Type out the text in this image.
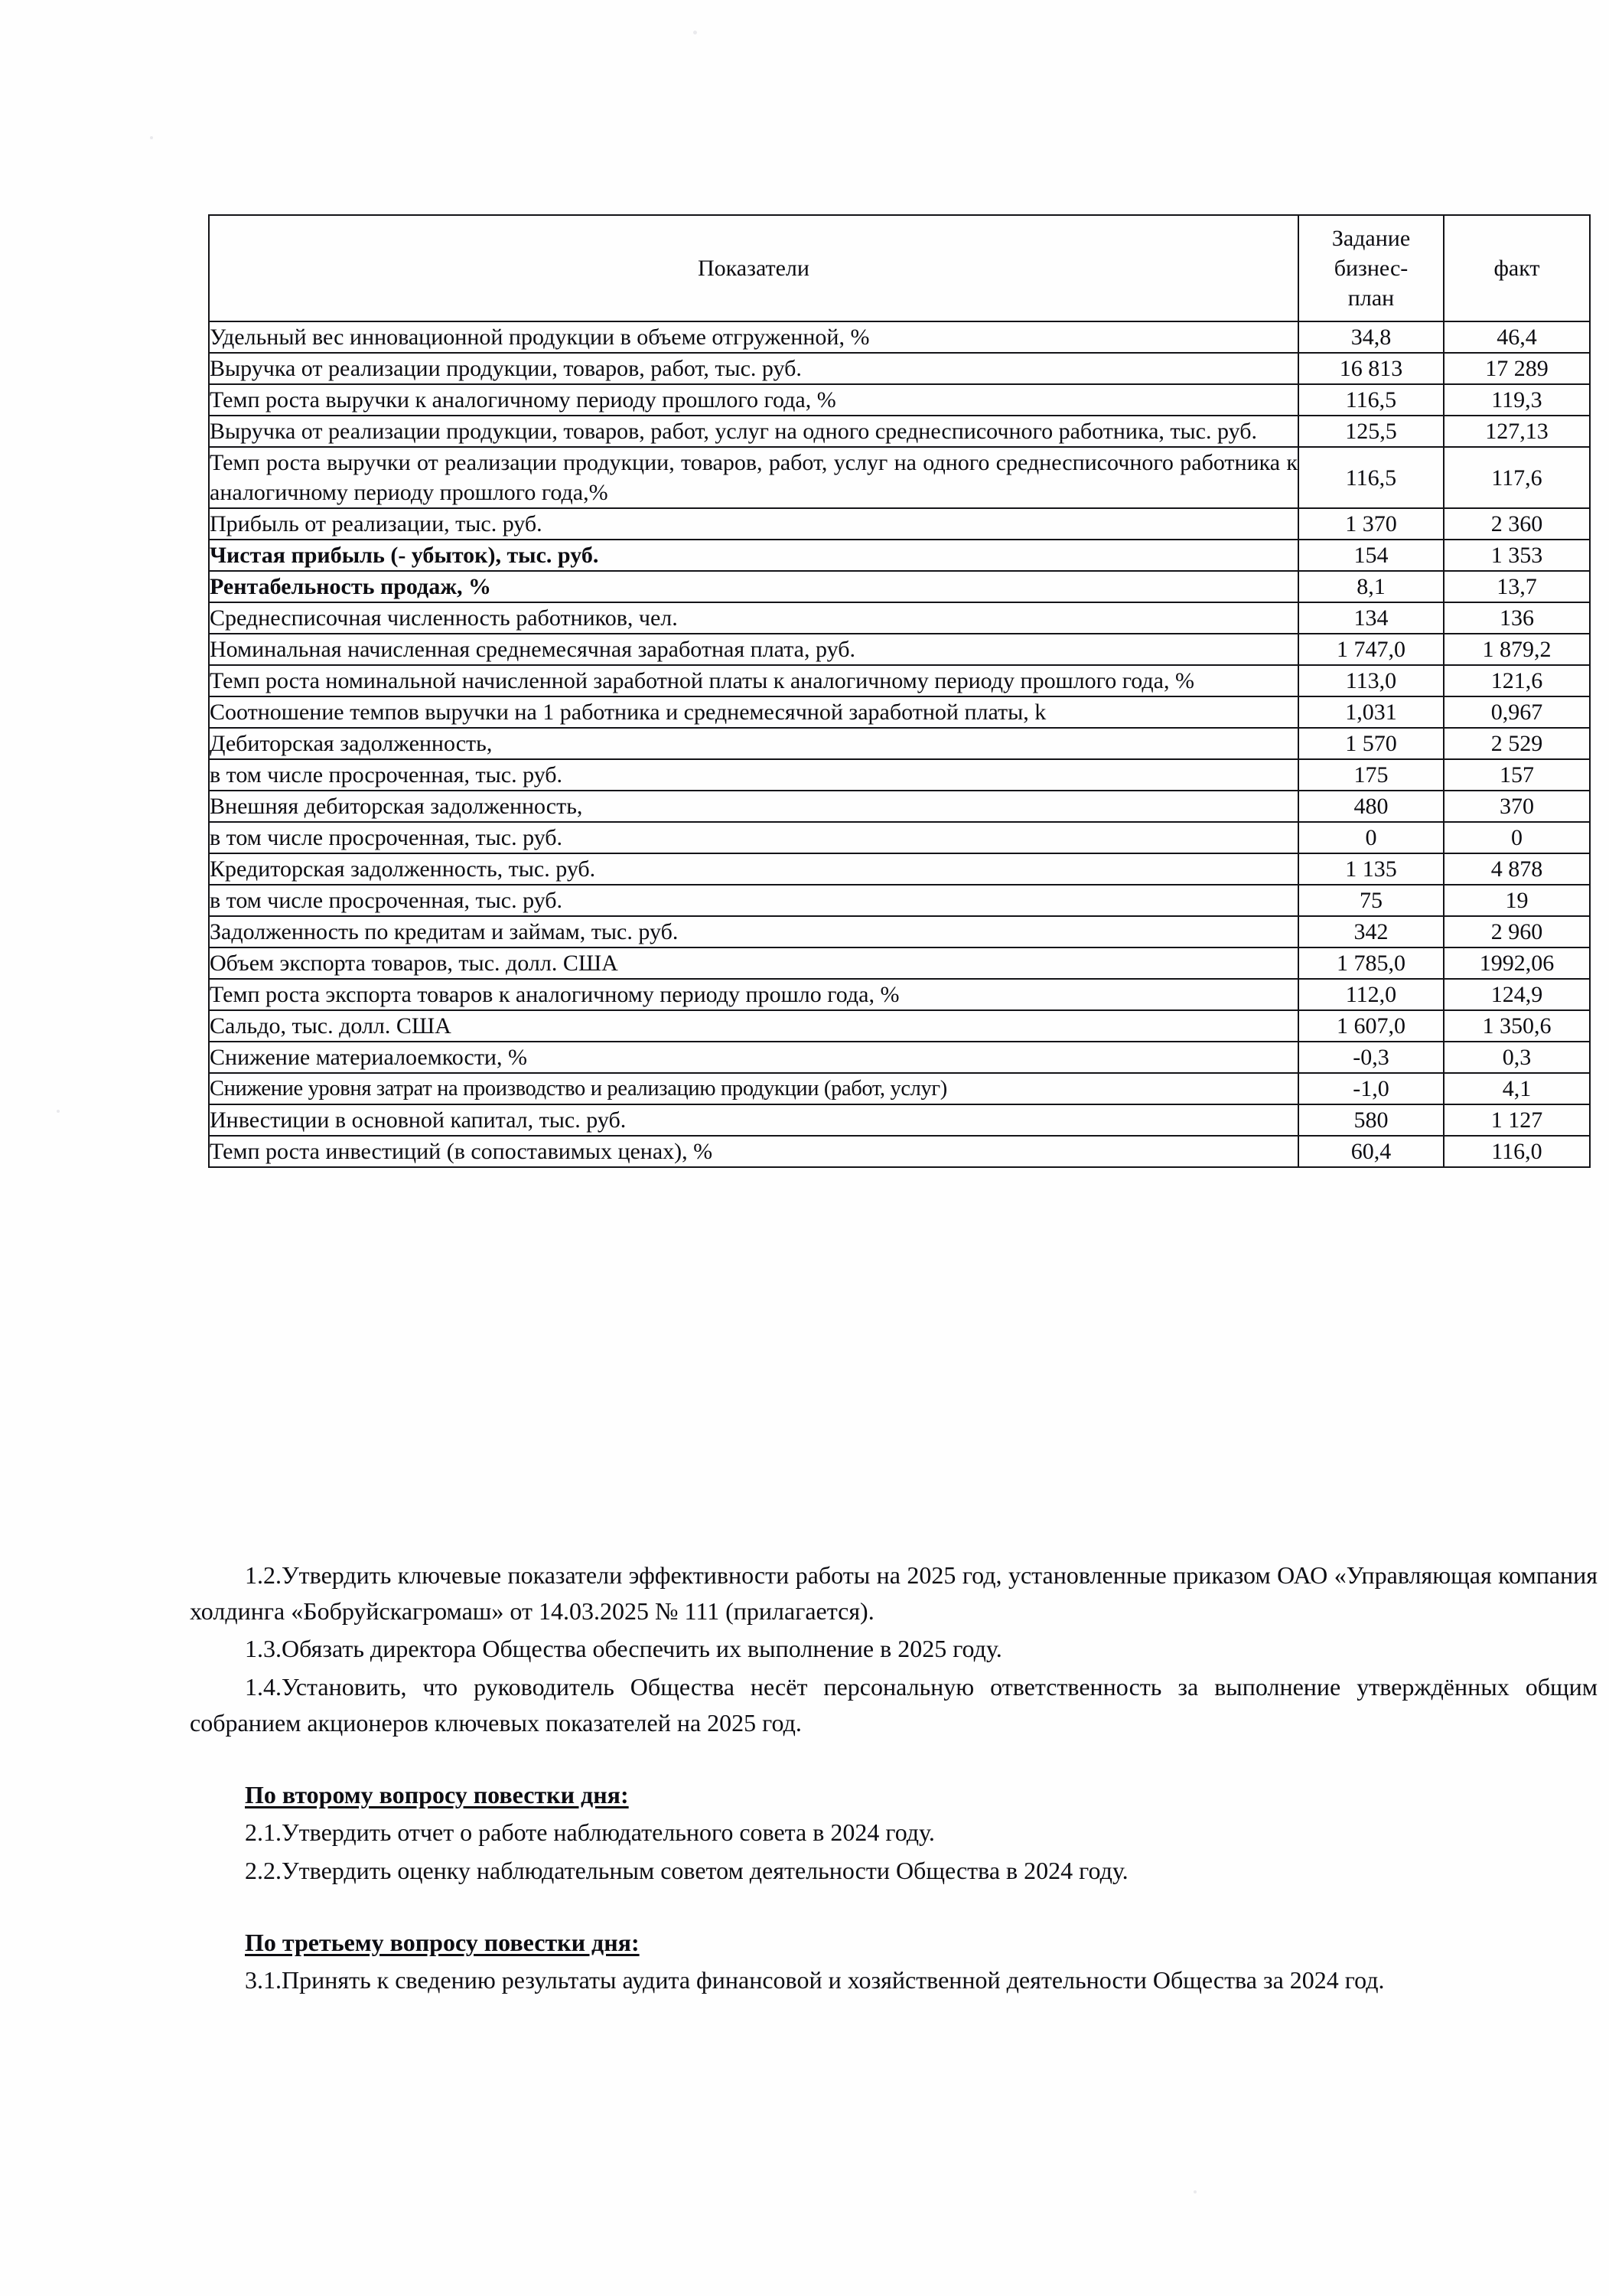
Показатели	Задание
бизнес-
план	факт
Удельный вес инновационной продукции в объеме отгруженной, %	34,8	46,4
Выручка от реализации продукции, товаров, работ, тыс. руб.	16 813	17 289
Темп роста выручки к аналогичному периоду прошлого года, %	116,5	119,3
Выручка от реализации продукции, товаров, работ, услуг на одного среднесписочного работника, тыс. руб.	125,5	127,13
Темп роста выручки от реализации продукции, товаров, работ, услуг на одного среднесписочного работника к аналогичному периоду прошлого года,%	116,5	117,6
Прибыль от реализации, тыс. руб.	1 370	2 360
Чистая прибыль (- убыток), тыс. руб.	154	1 353
Рентабельность продаж, %	8,1	13,7
Среднесписочная численность работников, чел.	134	136
Номинальная начисленная среднемесячная заработная плата, руб.	1 747,0	1 879,2
Темп роста номинальной начисленной заработной платы к аналогичному периоду прошлого года, %	113,0	121,6
Соотношение темпов выручки на 1 работника и среднемесячной заработной платы, k	1,031	0,967
Дебиторская задолженность,	1 570	2 529
в том числе просроченная, тыс. руб.	175	157
Внешняя дебиторская задолженность,	480	370
в том числе просроченная, тыс. руб.	0	0
Кредиторская задолженность, тыс. руб.	1 135	4 878
в том числе просроченная, тыс. руб.	75	19
Задолженность по кредитам и займам, тыс. руб.	342	2 960
Объем экспорта товаров, тыс. долл. США	1 785,0	1992,06
Темп роста экспорта товаров к аналогичному периоду прошло года, %	112,0	124,9
Сальдо, тыс. долл. США	1 607,0	1 350,6
Снижение материалоемкости, %	-0,3	0,3
Снижение уровня затрат на производство и реализацию продукции (работ, услуг)	-1,0	4,1
Инвестиции в основной капитал, тыс. руб.	580	1 127
Темп роста инвестиций (в сопоставимых ценах), %	60,4	116,0

1.2.Утвердить ключевые показатели эффективности работы на 2025 год, установленные приказом ОАО «Управляющая компания холдинга «Бобруйскагромаш» от 14.03.2025 № 111 (прилагается).

1.3.Обязать директора Общества обеспечить их выполнение в 2025 году.

1.4.Установить, что руководитель Общества несёт персональную ответственность за выполнение утверждённых общим собранием акционеров ключевых показателей на 2025 год.

По второму вопросу повестки дня:

2.1.Утвердить отчет о работе наблюдательного совета в 2024 году.

2.2.Утвердить оценку наблюдательным советом деятельности Общества в 2024 году.

По третьему вопросу повестки дня:

3.1.Принять к сведению результаты аудита финансовой и хозяйственной деятельности Общества за 2024 год.
